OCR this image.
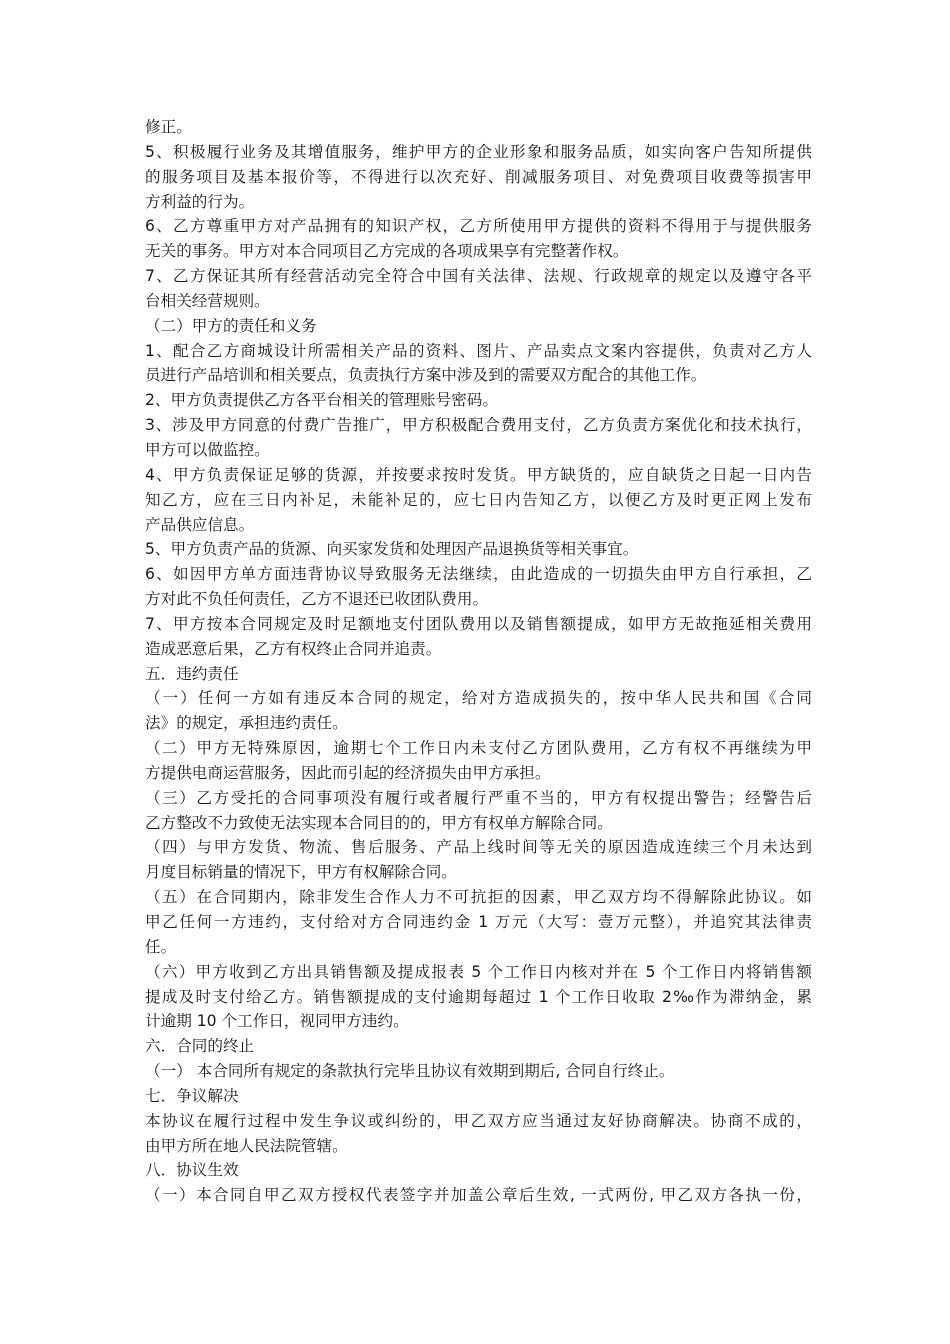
修正。
5、积极履行业务及其增值服务，维护甲方的企业形象和服务品质，如实向客户告知所提供
的服务项目及基本报价等，不得进行以次充好、削减服务项目、对免费项目收费等损害甲
方利益的行为。
6、乙方尊重甲方对产品拥有的知识产权，乙方所使用甲方提供的资料不得用于与提供服务
无关的事务。甲方对本合同项目乙方完成的各项成果享有完整著作权。
7、乙方保证其所有经营活动完全符合中国有关法律、法规、行政规章的规定以及遵守各平
台相关经营规则。
（二）甲方的责任和义务
1、配合乙方商城设计所需相关产品的资料、图片、产品卖点文案内容提供，负责对乙方人
员进行产品培训和相关要点，负责执行方案中涉及到的需要双方配合的其他工作。
2、甲方负责提供乙方各平台相关的管理账号密码。
3、涉及甲方同意的付费广告推广，甲方积极配合费用支付，乙方负责方案优化和技术执行，
甲方可以做监控。
4、甲方负责保证足够的货源，并按要求按时发货。甲方缺货的，应自缺货之日起一日内告
知乙方，应在三日内补足，未能补足的，应七日内告知乙方，以便乙方及时更正网上发布
产品供应信息。
5、甲方负责产品的货源、向买家发货和处理因产品退换货等相关事宜。
6、如因甲方单方面违背协议导致服务无法继续，由此造成的一切损失由甲方自行承担，乙
方对此不负任何责任，乙方不退还已收团队费用。
7、甲方按本合同规定及时足额地支付团队费用以及销售额提成，如甲方无故拖延相关费用
造成恶意后果，乙方有权终止合同并追责。
五．违约责任
（一）任何一方如有违反本合同的规定，给对方造成损失的，按中华人民共和国《合同
法》的规定，承担违约责任。
（二）甲方无特殊原因，逾期七个工作日内未支付乙方团队费用，乙方有权不再继续为甲
方提供电商运营服务，因此而引起的经济损失由甲方承担。
（三）乙方受托的合同事项没有履行或者履行严重不当的，甲方有权提出警告；经警告后
乙方整改不力致使无法实现本合同目的的，甲方有权单方解除合同。
（四）与甲方发货、物流、售后服务、产品上线时间等无关的原因造成连续三个月未达到
月度目标销量的情况下，甲方有权解除合同。
（五）在合同期内，除非发生合作人力不可抗拒的因素，甲乙双方均不得解除此协议。如
甲乙任何一方违约，支付给对方合同违约金 1 万元（大写：壹万元整），并追究其法律责
任。
（六）甲方收到乙方出具销售额及提成报表 5 个工作日内核对并在 5 个工作日内将销售额
提成及时支付给乙方。销售额提成的支付逾期每超过 1 个工作日收取 2‰作为滞纳金，累
计逾期 10 个工作日，视同甲方违约。
六．合同的终止
（一） 本合同所有规定的条款执行完毕且协议有效期到期后, 合同自行终止。
七．争议解决
本协议在履行过程中发生争议或纠纷的，甲乙双方应当通过友好协商解决。协商不成的，
由甲方所在地人民法院管辖。
八．协议生效
（一）本合同自甲乙双方授权代表签字并加盖公章后生效, 一式两份, 甲乙双方各执一份，
